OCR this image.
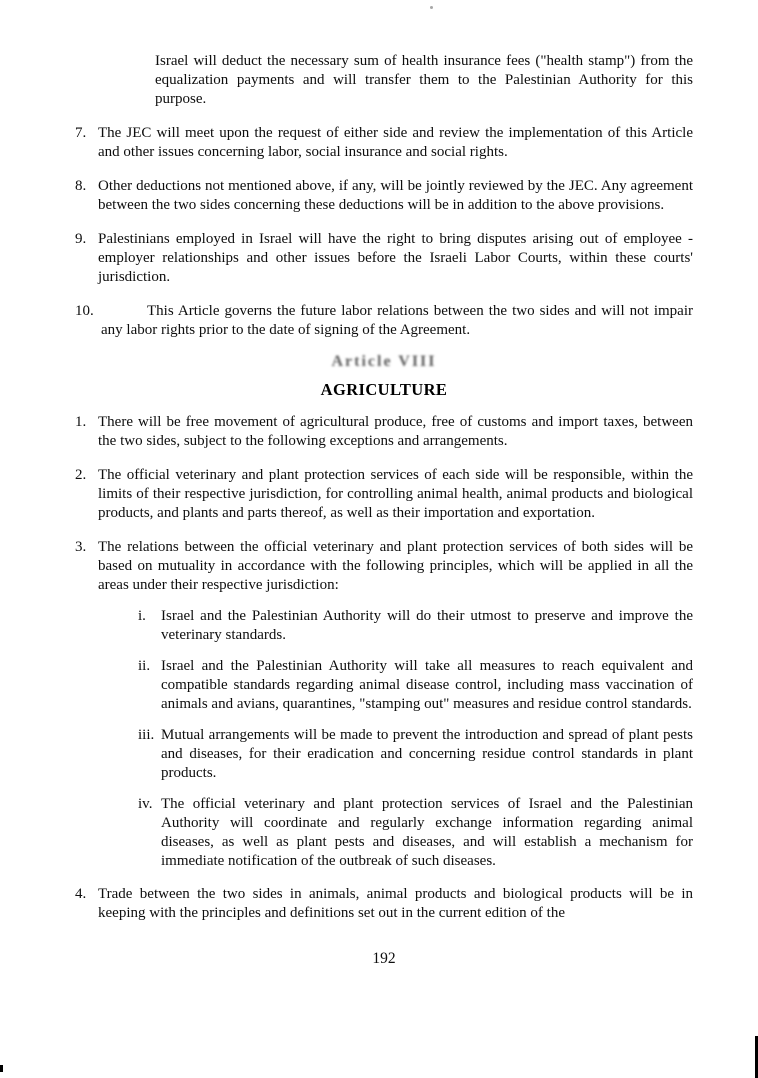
Israel will deduct the necessary sum of health insurance fees ("health stamp") from the equalization payments and will transfer them to the Palestinian Authority for this purpose.

7. The JEC will meet upon the request of either side and review the implementation of this Article and other issues concerning labor, social insurance and social rights.

8. Other deductions not mentioned above, if any, will be jointly reviewed by the JEC. Any agreement between the two sides concerning these deductions will be in addition to the above provisions.

9. Palestinians employed in Israel will have the right to bring disputes arising out of employee - employer relationships and other issues before the Israeli Labor Courts, within these courts' jurisdiction.

10.	This Article governs the future labor relations between the two sides and will not impair any labor rights prior to the date of signing of the Agreement.

Article VIII
AGRICULTURE
1. There will be free movement of agricultural produce, free of customs and import taxes, between the two sides, subject to the following exceptions and arrangements.

2. The official veterinary and plant protection services of each side will be responsible, within the limits of their respective jurisdiction, for controlling animal health, animal products and biological products, and plants and parts thereof, as well as their importation and exportation.

3. The relations between the official veterinary and plant protection services of both sides will be based on mutuality in accordance with the following principles, which will be applied in all the areas under their respective jurisdiction:

i.	Israel and the Palestinian Authority will do their utmost to preserve and improve the veterinary standards.

ii. Israel and the Palestinian Authority will take all measures to reach equivalent and compatible standards regarding animal disease control, including mass vaccination of animals and avians, quarantines, "stamping out" measures and residue control standards.

iii. Mutual arrangements will be made to prevent the introduction and spread of plant pests and diseases, for their eradication and concerning residue control standards in plant products.

iv. The official veterinary and plant protection services of Israel and the Palestinian Authority will coordinate and regularly exchange information regarding animal diseases, as well as plant pests and diseases, and will establish a mechanism for immediate notification of the outbreak of such diseases.

4. Trade between the two sides in animals, animal products and biological products will be in keeping with the principles and definitions set out in the current edition of the

192
